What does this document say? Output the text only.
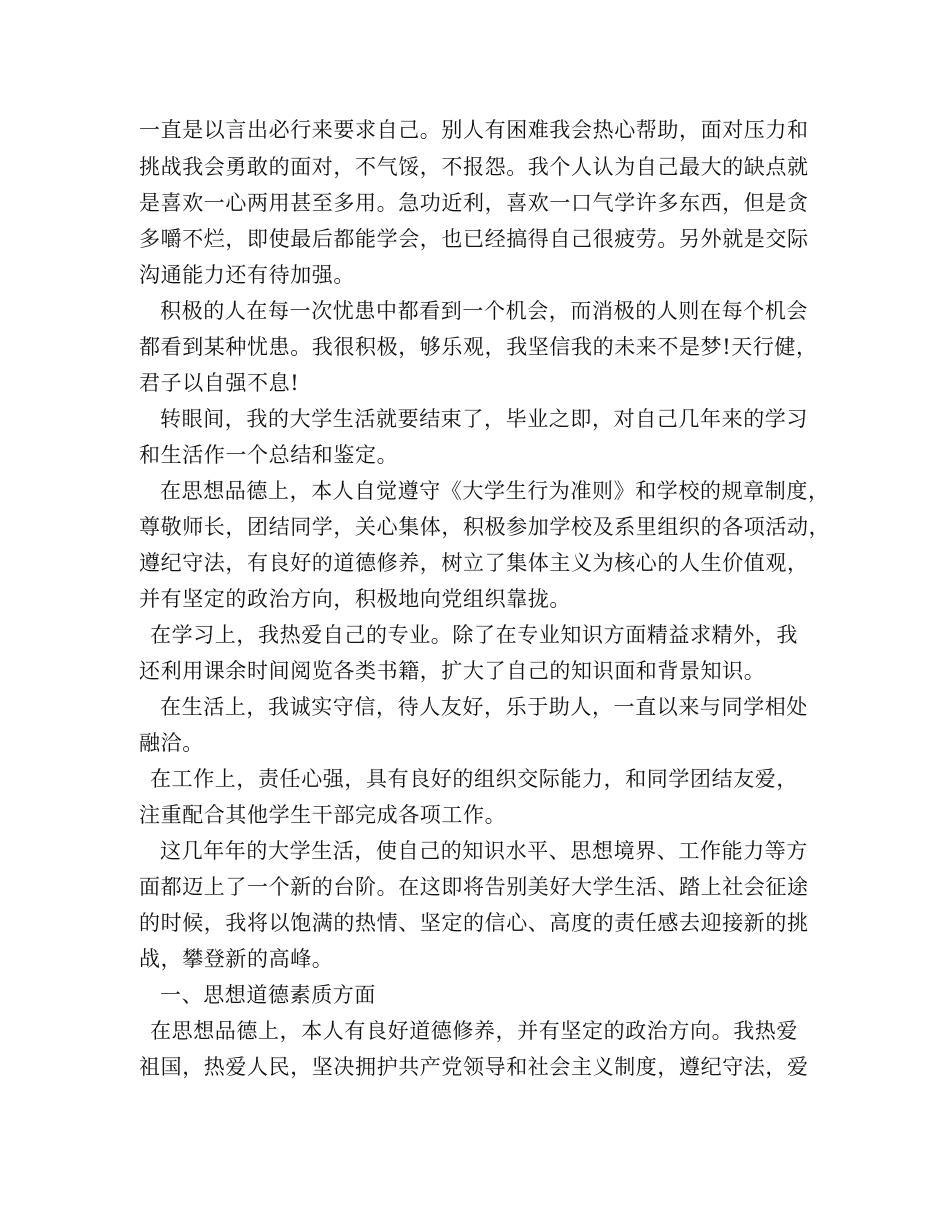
一直是以言出必行来要求自己。别人有困难我会热心帮助，面对压力和
挑战我会勇敢的面对，不气馁，不报怨。我个人认为自己最大的缺点就
是喜欢一心两用甚至多用。急功近利，喜欢一口气学许多东西，但是贪
多嚼不烂，即使最后都能学会，也已经搞得自己很疲劳。另外就是交际
沟通能力还有待加强。
积极的人在每一次忧患中都看到一个机会，而消极的人则在每个机会
都看到某种忧患。我很积极，够乐观，我坚信我的未来不是梦!天行健，
君子以自强不息!
转眼间，我的大学生活就要结束了，毕业之即，对自己几年来的学习
和生活作一个总结和鉴定。
在思想品德上，本人自觉遵守《大学生行为准则》和学校的规章制度，
尊敬师长，团结同学，关心集体，积极参加学校及系里组织的各项活动，
遵纪守法，有良好的道德修养，树立了集体主义为核心的人生价值观，
并有坚定的政治方向，积极地向党组织靠拢。
在学习上，我热爱自己的专业。除了在专业知识方面精益求精外，我
还利用课余时间阅览各类书籍，扩大了自己的知识面和背景知识。
在生活上，我诚实守信，待人友好，乐于助人，一直以来与同学相处
融洽。
在工作上，责任心强，具有良好的组织交际能力，和同学团结友爱，
注重配合其他学生干部完成各项工作。
这几年年的大学生活，使自己的知识水平、思想境界、工作能力等方
面都迈上了一个新的台阶。在这即将告别美好大学生活、踏上社会征途
的时候，我将以饱满的热情、坚定的信心、高度的责任感去迎接新的挑
战，攀登新的高峰。
一、思想道德素质方面
在思想品德上，本人有良好道德修养，并有坚定的政治方向。我热爱
祖国，热爱人民，坚决拥护共产党领导和社会主义制度，遵纪守法，爱
